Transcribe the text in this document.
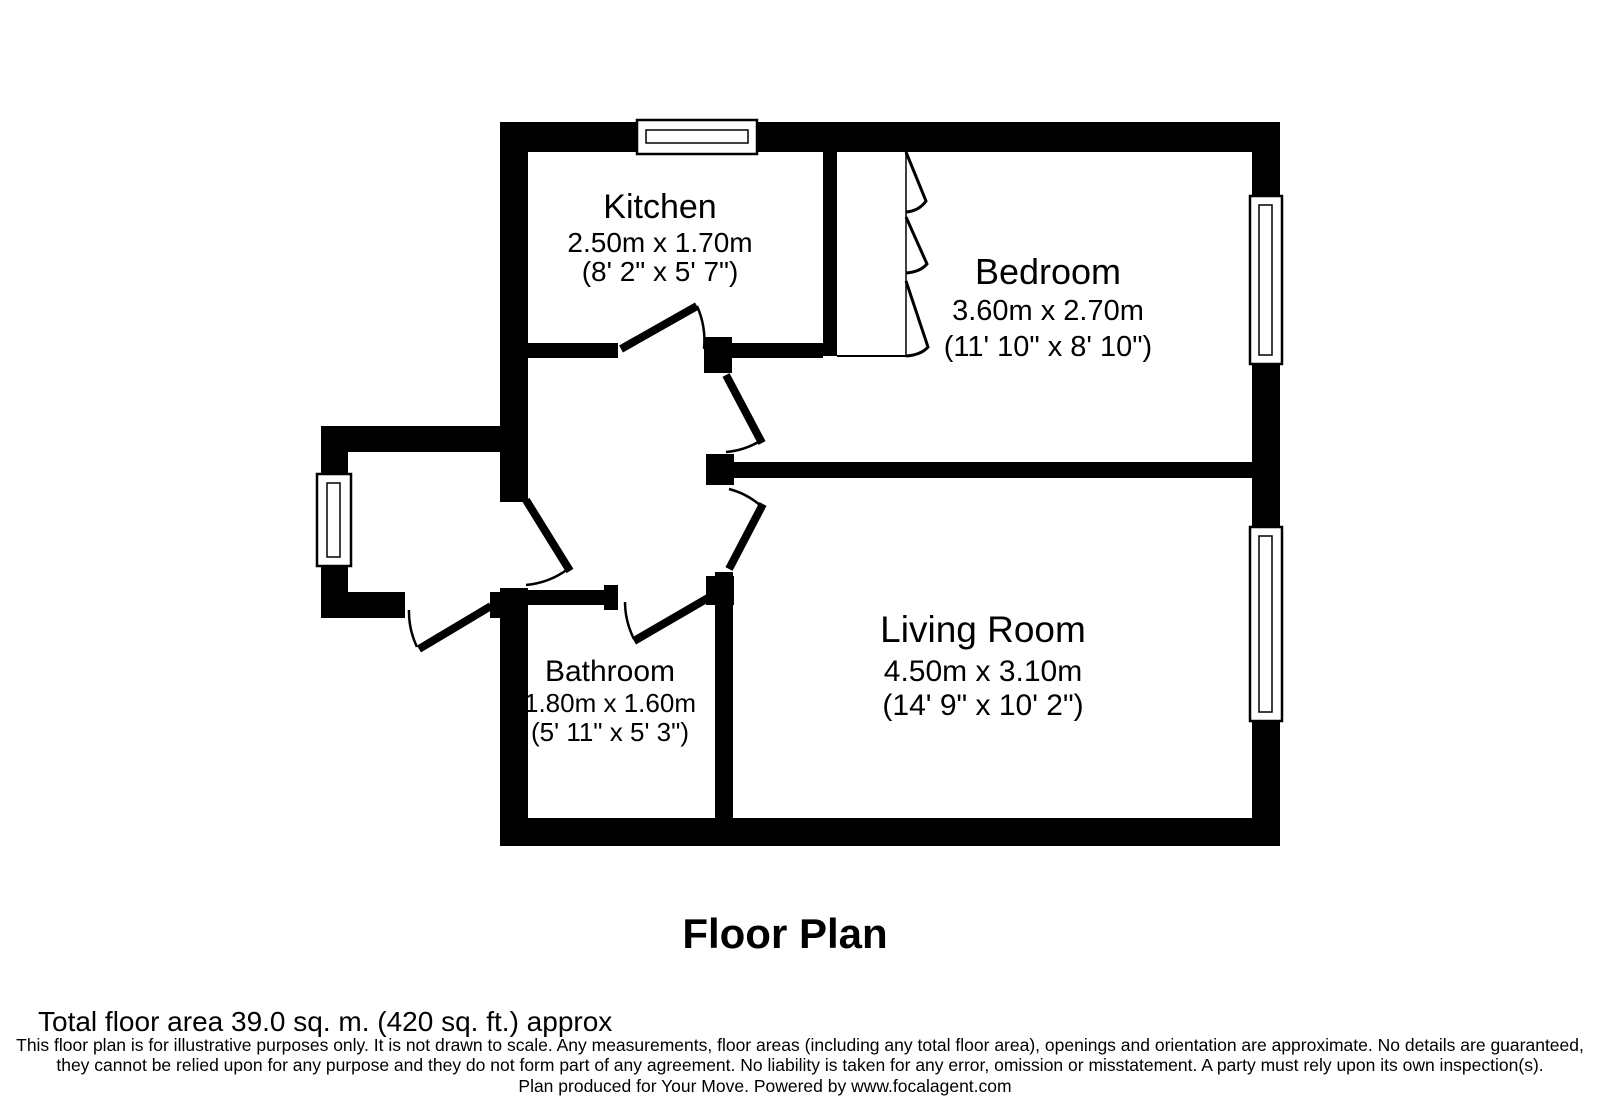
Kitchen
2.50m x 1.70m
(8' 2" x 5' 7")	Bedroom
3.60m x 2.70m
(11' 10" x 8' 10")
Living Room
4.50m x 3.10m
(14' 9" x 10' 2")
Bathroom
1.80m x 1.60m
(5' 11" x 5' 3")
Floor Plan
Total floor area 39.0 sq. m. (420 sq. ft.) approx
This floor plan is for illustrative purposes only. It is not drawn to scale. Any measurements, floor areas (including any total floor area), openings and orientation are approximate. No details are guaranteed,
they cannot be relied upon for any purpose and they do not form part of any agreement. No liability is taken for any error, omission or misstatement. A party must rely upon its own inspection(s).
Plan produced for Your Move. Powered by www.focalagent.com
